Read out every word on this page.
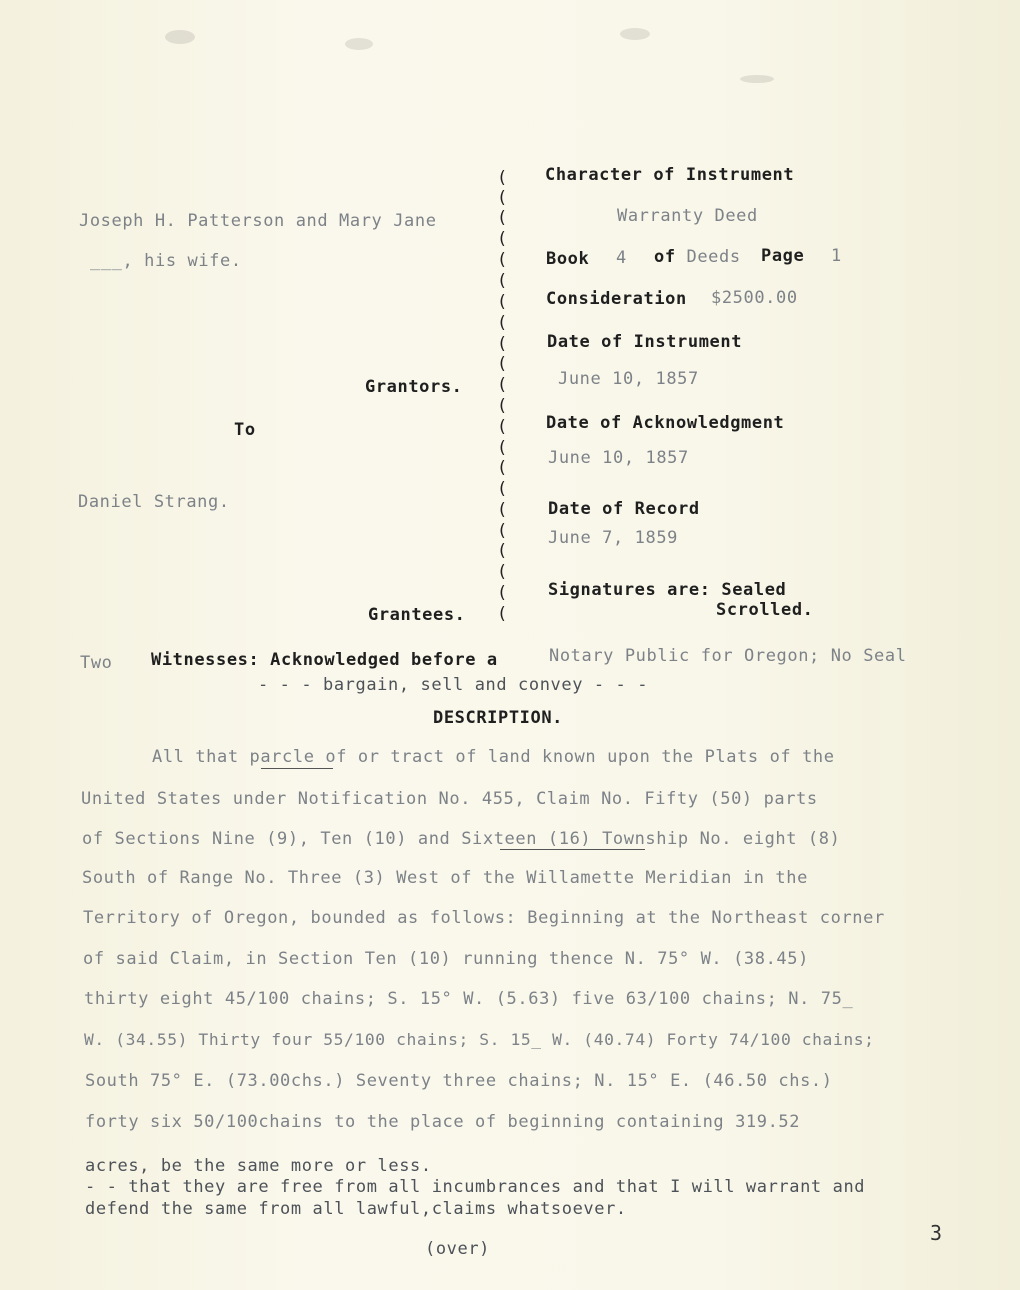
Joseph H. Patterson and Mary Jane
___, his wife.
Grantors.
To
Daniel Strang.
Grantees.
(
(
(
(
(
(
(
(
(
(
(
(
(
(
(
(
(
(
(
(
(
(
Character of Instrument
Warranty Deed
Book 4 of Deeds Page 1
Consideration $2500.00
Date of Instrument
June 10, 1857
Date of Acknowledgment
June 10, 1857
Date of Record
June 7, 1859
Signatures are: Sealed
Scrolled.
Two Witnesses: Acknowledged before a	Notary Public for Oregon; No Seal
- - - bargain, sell and convey - - -
DESCRIPTION.
All that parcle of or tract of land known upon the Plats of the
United States under Notification No. 455, Claim No. Fifty (50) parts
of Sections Nine (9), Ten (10) and Sixteen (16) Township No. eight (8)
South of Range No. Three (3) West of the Willamette Meridian in the
Territory of Oregon, bounded as follows: Beginning at the Northeast corner
of said Claim, in Section Ten (10) running thence N. 75° W. (38.45)
thirty eight 45/100 chains; S. 15° W. (5.63) five 63/100 chains; N. 75_
W. (34.55) Thirty four 55/100 chains; S. 15_ W. (40.74) Forty 74/100 chains;
South 75° E. (73.00chs.) Seventy three chains; N. 15° E. (46.50 chs.)
forty six 50/100chains to the place of beginning containing 319.52
acres, be the same more or less.
- - that they are free from all incumbrances and that I will warrant and
defend the same from all lawful,claims whatsoever.
(over)
3
